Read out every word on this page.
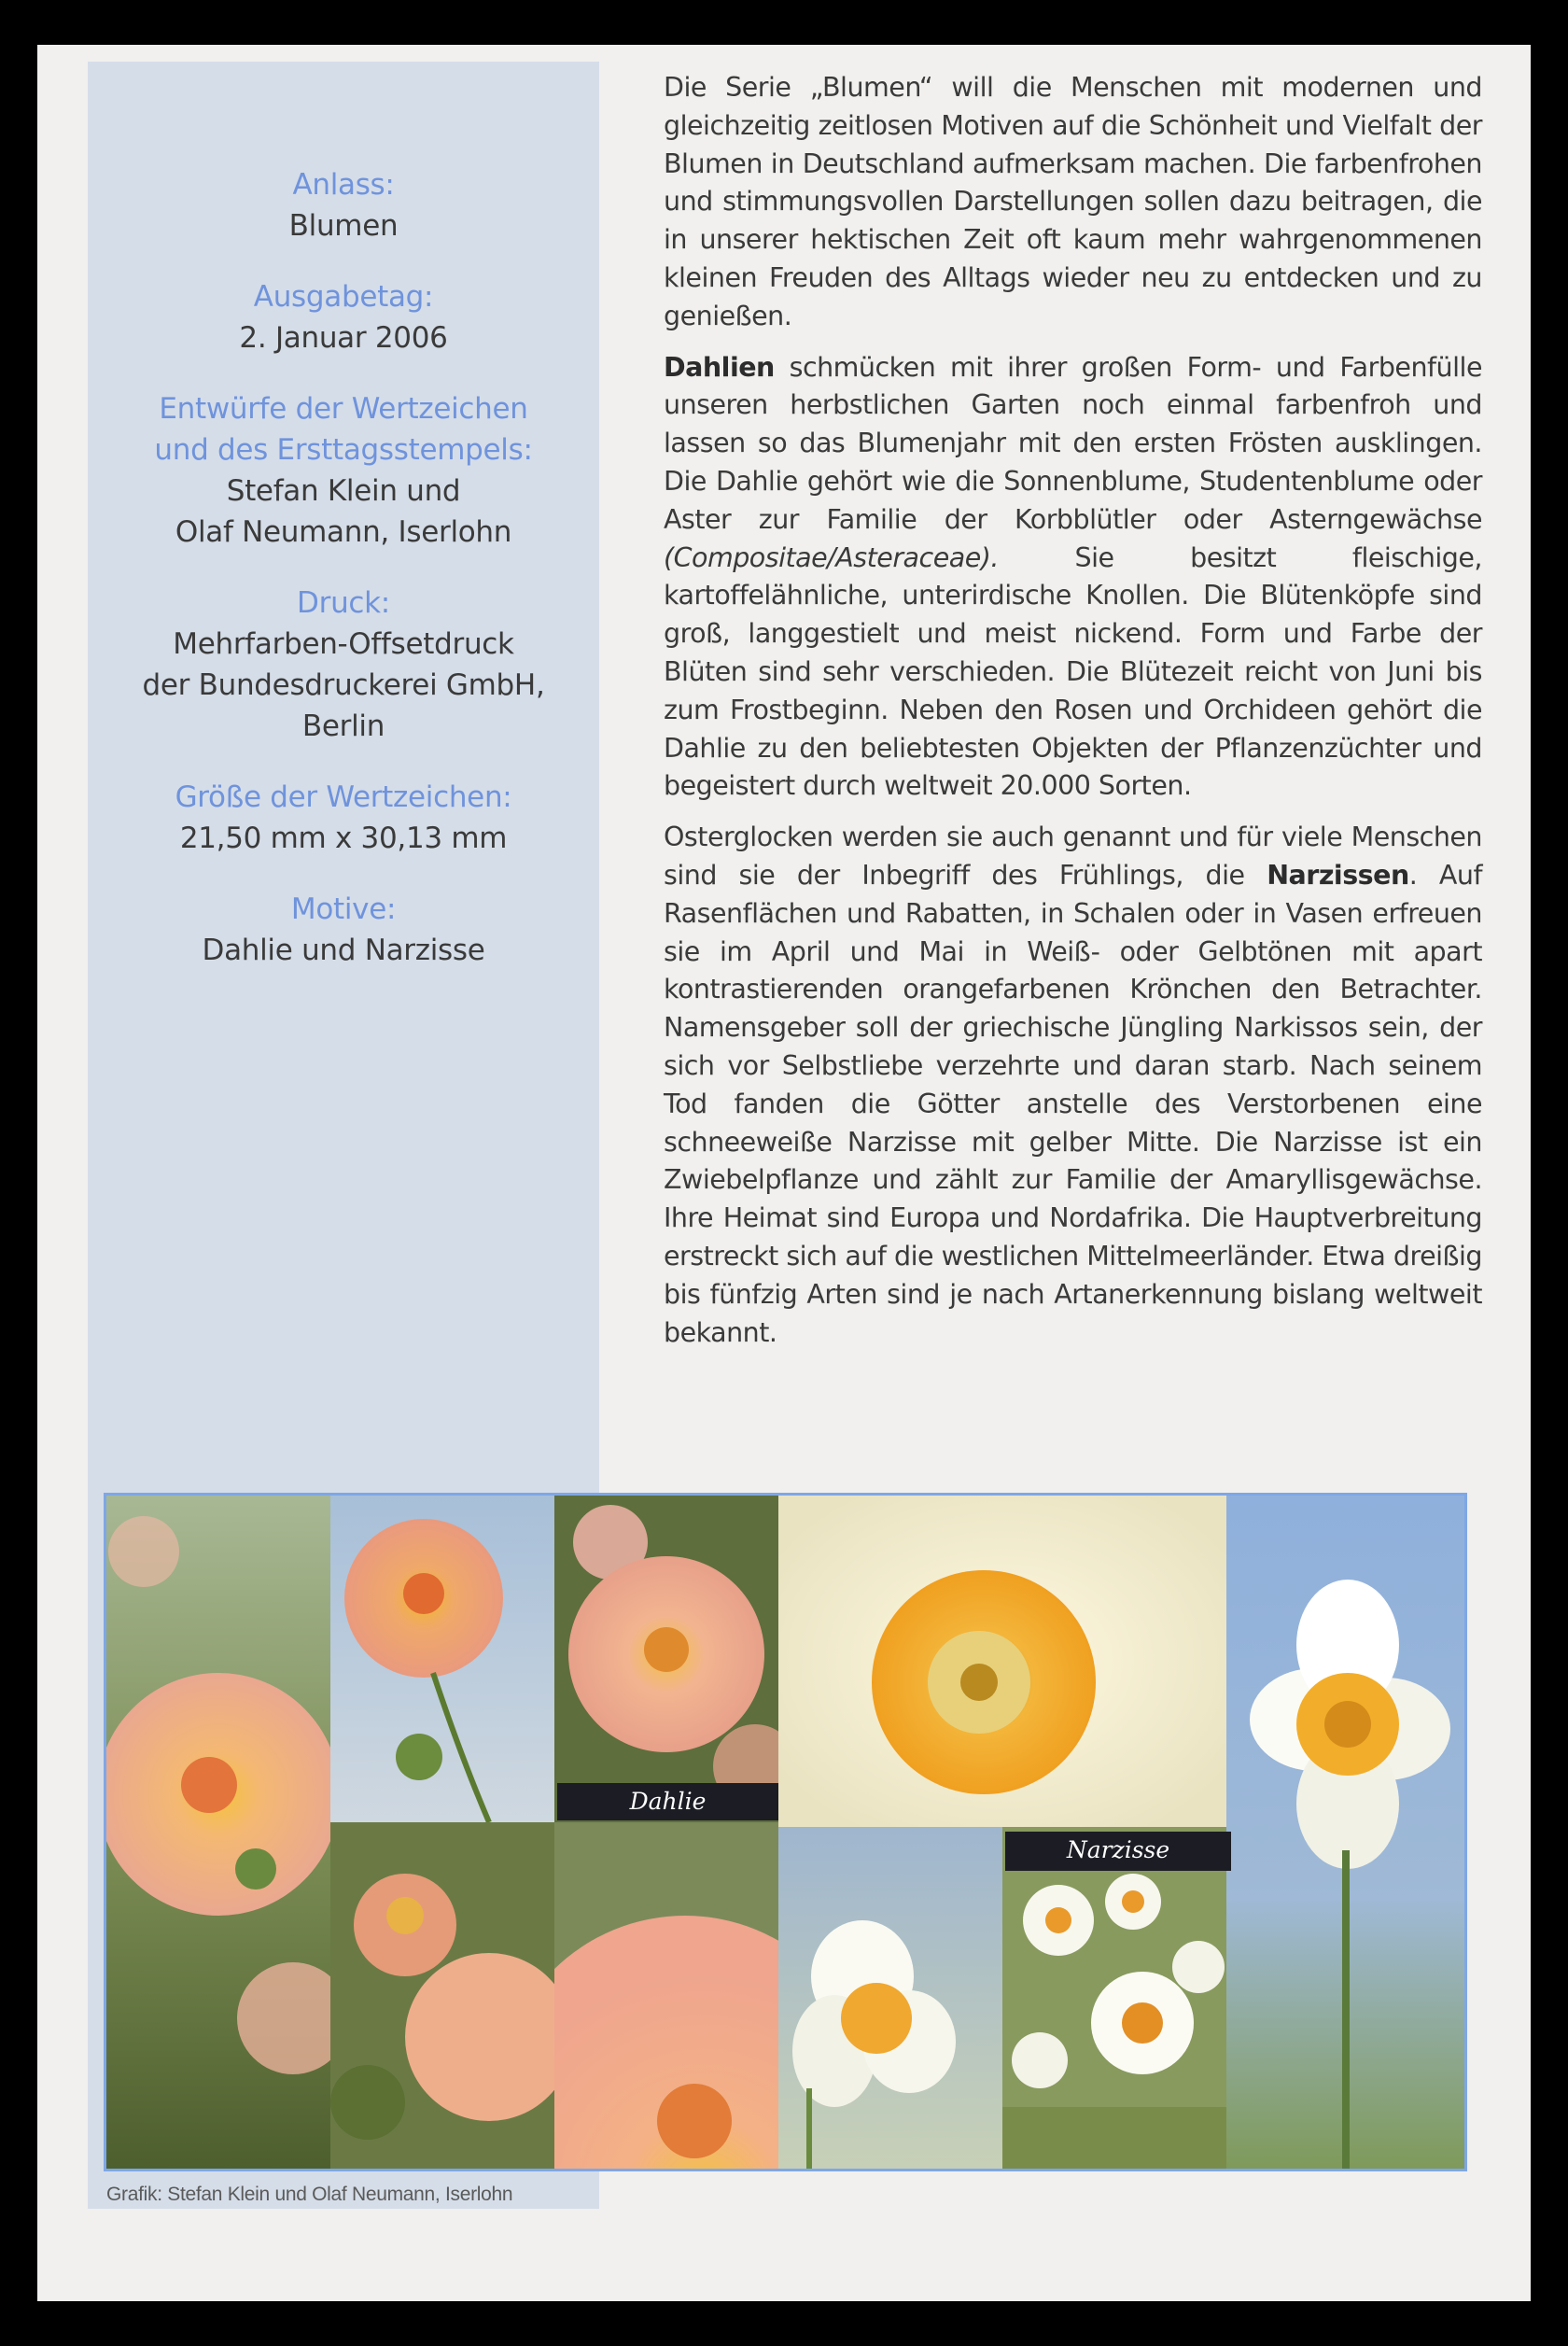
Anlass:
Blumen
Ausgabetag:
2. Januar 2006
Entwürfe der Wertzeichen
und des Ersttagsstempels:
Stefan Klein und
Olaf Neumann, Iserlohn
Druck:
Mehrfarben-Offsetdruck
der Bundesdruckerei GmbH,
Berlin
Größe der Wertzeichen:
21,50 mm x 30,13 mm
Motive:
Dahlie und Narzisse

Die Serie „Blumen“ will die Menschen mit modernen und gleichzeitig zeitlosen Motiven auf die Schönheit und Vielfalt der Blumen in Deutschland aufmerksam machen. Die farbenfrohen und stimmungsvollen Darstellungen sollen dazu beitragen, die in unserer hektischen Zeit oft kaum mehr wahrgenommenen kleinen Freuden des Alltags wieder neu zu entdecken und zu genießen.

Dahlien schmücken mit ihrer großen Form- und Farbenfülle unseren herbstlichen Garten noch einmal farbenfroh und lassen so das Blumenjahr mit den ersten Frösten ausklingen. Die Dahlie gehört wie die Sonnenblume, Studentenblume oder Aster zur Familie der Korbblütler oder Asterngewächse (Compositae/Asteraceae). Sie besitzt fleischige, kartoffelähnliche, unterirdische Knollen. Die Blütenköpfe sind groß, langgestielt und meist nickend. Form und Farbe der Blüten sind sehr verschieden. Die Blütezeit reicht von Juni bis zum Frostbeginn. Neben den Rosen und Orchideen gehört die Dahlie zu den beliebtesten Objekten der Pflanzenzüchter und begeistert durch weltweit 20.000 Sorten.

Osterglocken werden sie auch genannt und für viele Menschen sind sie der Inbegriff des Frühlings, die Narzissen. Auf Rasenflächen und Rabatten, in Schalen oder in Vasen erfreuen sie im April und Mai in Weiß- oder Gelbtönen mit apart kontrastierenden orangefarbenen Krönchen den Betrachter. Namensgeber soll der griechische Jüngling Narkissos sein, der sich vor Selbstliebe verzehrte und daran starb. Nach seinem Tod fanden die Götter anstelle des Verstorbenen eine schneeweiße Narzisse mit gelber Mitte. Die Narzisse ist ein Zwiebelpflanze und zählt zur Familie der Amaryllisgewächse. Ihre Heimat sind Europa und Nordafrika. Die Hauptverbreitung erstreckt sich auf die westlichen Mittelmeerländer. Etwa dreißig bis fünfzig Arten sind je nach Artanerkennung bislang weltweit bekannt.

Dahlie
Narzisse
Grafik: Stefan Klein und Olaf Neumann, Iserlohn
